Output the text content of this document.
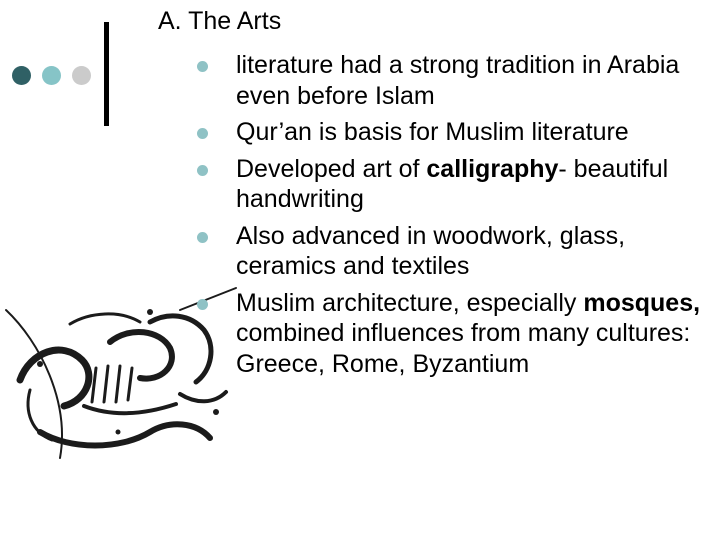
A. The Arts
literature had a strong tradition in Arabia even before Islam
Qur’an is basis for Muslim literature
Developed art of calligraphy- beautiful handwriting
Also advanced in woodwork, glass, ceramics and textiles
Muslim architecture, especially mosques, combined influences from many cultures: Greece, Rome, Byzantium
